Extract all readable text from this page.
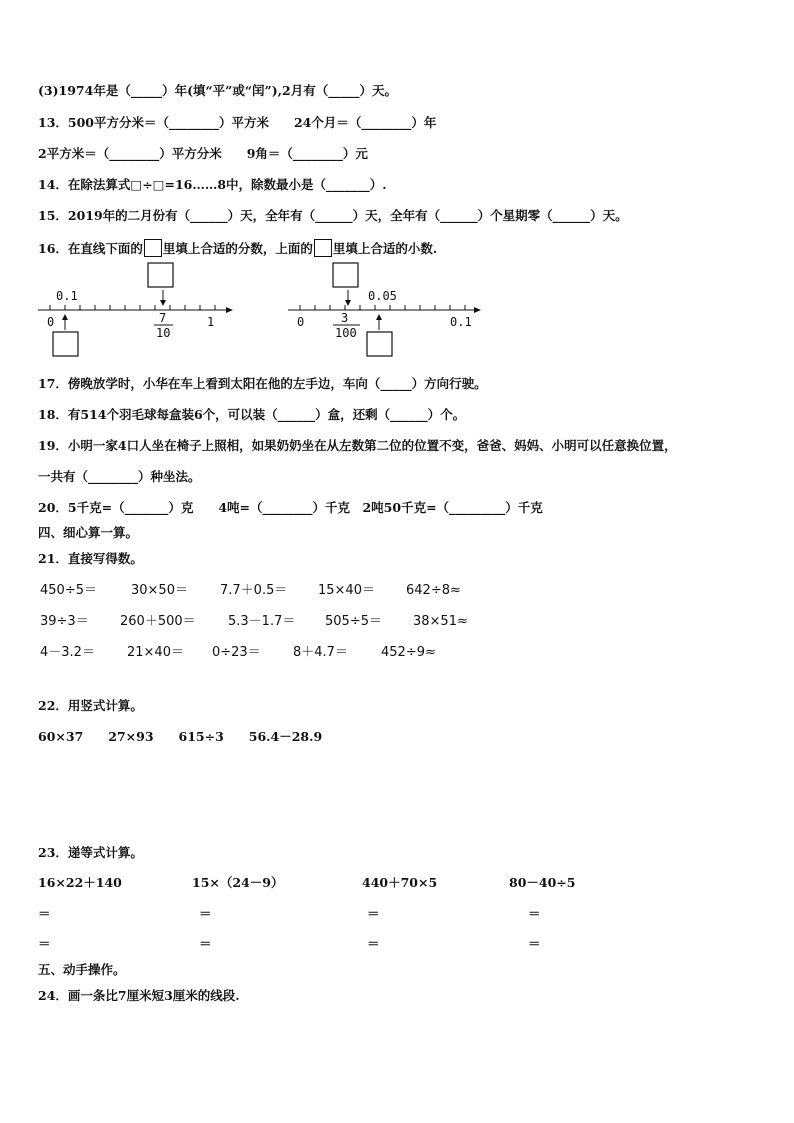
(3)1974年是（_____）年(填“平”或“闰”),2月有（_____）天。
13．500平方分米＝（________）平方米　　24个月＝（________）年
2平方米＝（________）平方分米　　9角＝（________）元
14．在除法算式□÷□=16……8中，除数最小是（_______）.
15．2019年的二月份有（______）天，全年有（______）天，全年有（______）个星期零（______）天。
16．在直线下面的 里填上合适的分数，上面的 里填上合适的小数.
0.1
0	1
7
10
0.05
0	0.1
3
100
17．傍晚放学时，小华在车上看到太阳在他的左手边，车向（_____）方向行驶。
18．有514个羽毛球每盒装6个，可以装（______）盒，还剩（______）个。
19．小明一家4口人坐在椅子上照相，如果奶奶坐在从左数第二位的位置不变，爸爸、妈妈、小明可以任意换位置，
一共有（________）种坐法。
20．5千克=（_______）克　　4吨=（________）千克　2吨50千克=（_________）千克
四、细心算一算。
21．直接写得数。
450÷5＝	30×50＝ 7.7＋0.5＝ 15×40＝ 642÷8≈
39÷3＝ 260＋500＝ 5.3－1.7＝ 505÷5＝ 38×51≈
4－3.2＝ 21×40＝ 0÷23＝ 8＋4.7＝	452÷9≈
22．用竖式计算。
60×37　　27×93　　615÷3　　56.4－28.9
23．递等式计算。
16×22＋140	15×（24－9）	440＋70×5	80－40÷5
＝	＝	＝	＝
＝	＝	＝	＝
五、动手操作。
24．画一条比7厘米短3厘米的线段.
